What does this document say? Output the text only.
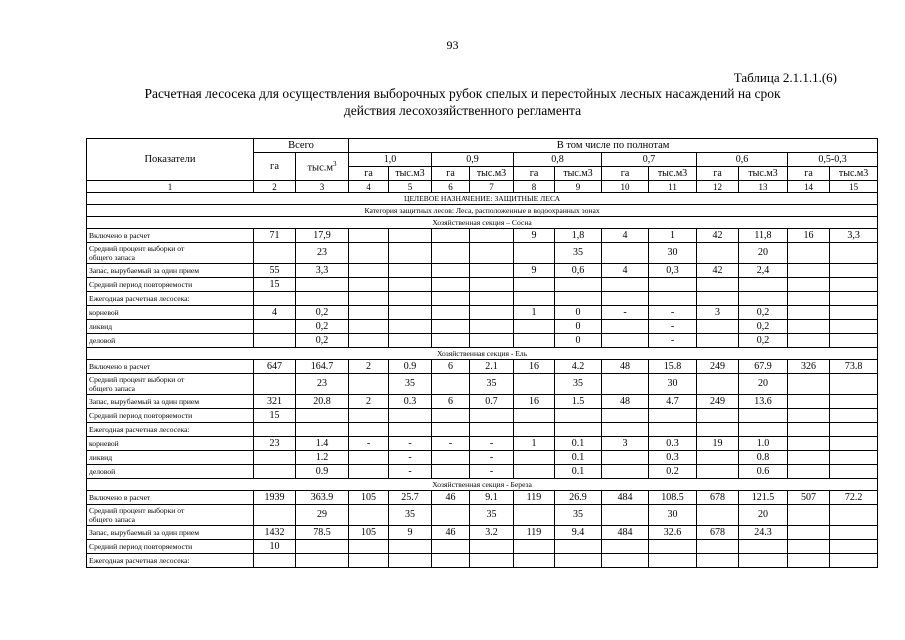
93
Таблица 2.1.1.1.(6)
Расчетная лесосека для осуществления выборочных рубок спелых и перестойных лесных насаждений на срок
действия лесохозяйственного регламента
Показатели	Всего		В том числе по полнотам											
	га	$тыс.м^3$	1,0		0,9		0,8		0,7		0,6		0,5-0,3	
			га	тыс.м3	га	тыс.м3	га	тыс.м3	га	тыс.м3	га	тыс.м3	га	тыс.м3
1	2	3	4	5	6	7	8	9	10	11	12	13	14	15
ЦЕЛЕВОЕ НАЗНАЧЕНИЕ: ЗАЩИТНЫЕ ЛЕСА														
Категория защитных лесов: Леса, расположенные в водоохранных зонах														
Хозяйственная секция – Сосна														

Включено в расчет	71	17,9					9	1,8	4	1	42	11,8	16	3,3

Средний процент выборки от
общего запаса		23						35		30		20		

Запас, вырубаемый за один прием	55	3,3					9	0,6	4	0,3	42	2,4		

Средний период повторяемости	15													

Ежегодная расчетная лесосека:														

корневой	4	0,2					1	0	-	-	3	0,2		

ликвид		0,2						0		-		0,2		

деловой		0,2						0		-		0,2		
Хозяйственная секция - Ель														

Включено в расчет	647	164.7	2	0.9	6	2.1	16	4.2	48	15.8	249	67.9	326	73.8

Средний процент выборки от
общего запаса		23		35		35		35		30		20		

Запас, вырубаемый за один прием	321	20.8	2	0.3	6	0.7	16	1.5	48	4.7	249	13.6		

Средний период повторяемости	15													

Ежегодная расчетная лесосека:														

корневой	23	1.4	-	-	-	-	1	0.1	3	0.3	19	1.0		

ликвид		1.2		-		-		0.1		0.3		0.8		

деловой		0.9		-		-		0.1		0.2		0.6		
Хозяйственная секция - Береза														

Включено в расчет	1939	363.9	105	25.7	46	9.1	119	26.9	484	108.5	678	121.5	507	72.2

Средний процент выборки от
общего запаса		29		35		35		35		30		20		

Запас, вырубаемый за один прием	1432	78.5	105	9	46	3.2	119	9.4	484	32.6	678	24.3		

Средний период повторяемости	10													

Ежегодная расчетная лесосека:														
